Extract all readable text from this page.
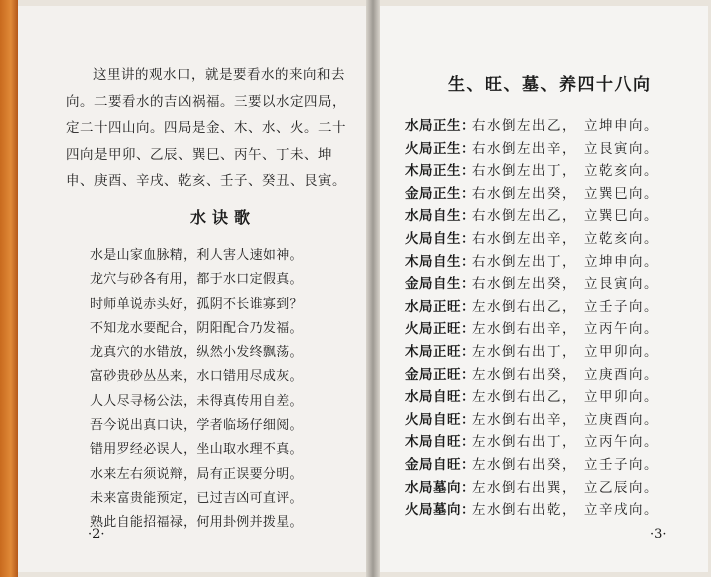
这里讲的观水口，就是要看水的来向和去
向。二要看水的吉凶祸福。三要以水定四局，
定二十四山向。四局是金、木、水、火。二十
四向是甲卯、乙辰、巽巳、丙午、丁未、坤
申、庚酉、辛戌、乾亥、壬子、癸丑、艮寅。
水诀歌
水是山家血脉精，利人害人速如神。
龙穴与砂各有用，都于水口定假真。
时师单说赤头好，孤阴不长谁寡到？
不知龙水要配合，阴阳配合乃发福。
龙真穴的水错放，纵然小发终飘荡。
富砂贵砂丛丛来，水口错用尽成灰。
人人尽寻杨公法，未得真传用自差。
吾今说出真口诀，学者临场仔细阅。
错用罗经必误人，坐山取水理不真。
水来左右须说辩，局有正误要分明。
未来富贵能预定，已过吉凶可直评。
熟此自能招福禄，何用卦例并拨星。
·2·
生、旺、墓、养四十八向
水局正生：
右水倒左出乙， 立坤申向。
火局正生：
右水倒左出辛， 立艮寅向。
木局正生：
右水倒左出丁， 立乾亥向。
金局正生：
右水倒左出癸， 立巽巳向。
水局自生：
右水倒左出乙， 立巽巳向。
火局自生：
右水倒左出辛， 立乾亥向。
木局自生：
右水倒左出丁， 立坤申向。
金局自生：
右水倒左出癸， 立艮寅向。
水局正旺：
左水倒右出乙， 立壬子向。
火局正旺：
左水倒右出辛， 立丙午向。
木局正旺：
左水倒右出丁， 立甲卯向。
金局正旺：
左水倒右出癸， 立庚酉向。
水局自旺：
左水倒右出乙， 立甲卯向。
火局自旺：
左水倒右出辛， 立庚酉向。
木局自旺：
左水倒右出丁， 立丙午向。
金局自旺：
左水倒右出癸， 立壬子向。
水局墓向：
左水倒右出巽， 立乙辰向。
火局墓向：
左水倒右出乾， 立辛戌向。
·3·
